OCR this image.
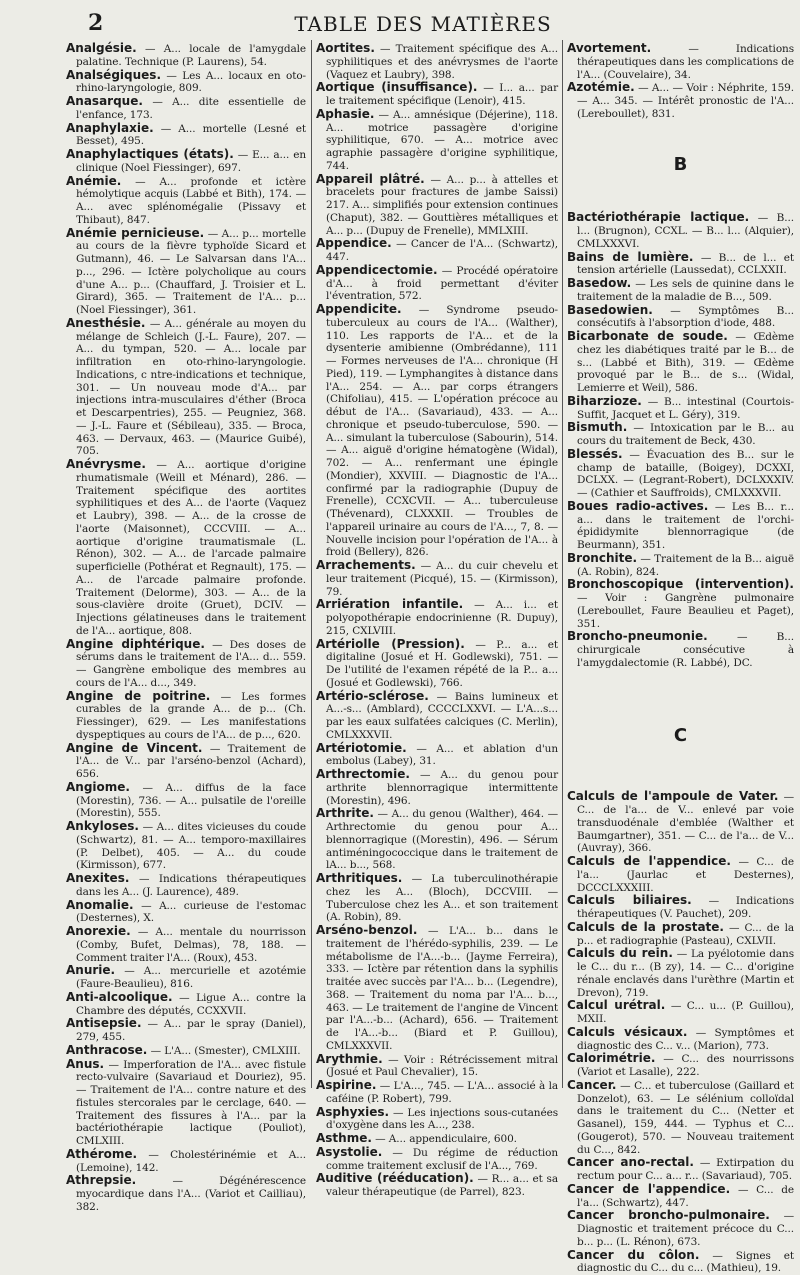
2	TABLE DES MATIÈRES

Analgésie. — A... locale de l'amygdale palatine. Technique (P. Laurens), 54.

Analségiques. — Les A... locaux en oto-rhino-laryngologie, 809.

Anasarque. — A... dite essentielle de l'enfance, 173.

Anaphylaxie. — A... mortelle (Lesné et Besset), 495.

Anaphylactiques (états). — E... a... en clinique (Noel Fiessinger), 697.

Anémie. — A... profonde et ictère hémolytique acquis (Labbé et Bith), 174. — A... avec splénomégalie (Pissavy et Thibaut), 847.

Anémie pernicieuse. — A... p... mortelle au cours de la fièvre typhoïde Sicard et Gutmann), 46. — Le Salvarsan dans l'A... p..., 296. — Ictère polycholique au cours d'une A... p... (Chauffard, J. Troisier et L. Girard), 365. — Traitement de l'A... p... (Noel Fiessinger), 361.

Anesthésie. — A... générale au moyen du mélange de Schleich (J.-L. Faure), 207. — A... du tympan, 520. — A... locale par infiltration en oto-rhino-laryngologie. Indications, c ntre-indications et technique, 301. — Un nouveau mode d'A... par injections intra-musculaires d'éther (Broca et Descarpentries), 255. — Peugniez, 368. — J.-L. Faure et (Sébileau), 335. — Broca, 463. — Dervaux, 463. — (Maurice Guibé), 705.

Anévrysme. — A... aortique d'origine rhumatismale (Weill et Ménard), 286. — Traitement spécifique des aortites syphilitiques et des A... de l'aorte (Vaquez et Laubry), 398. — A... de la crosse de l'aorte (Maisonnet), CCCVIII. — A... aortique d'origine traumatismale (L. Rénon), 302. — A... de l'arcade palmaire superficielle (Pothérat et Regnault), 175. — A... de l'arcade palmaire profonde. Traitement (Delorme), 303. — A... de la sous-clavière droite (Gruet), DCIV. — Injections gélatineuses dans le traitement de l'A... aortique, 808.

Angine diphtérique. — Des doses de sérums dans le traitement de l'A... d... 559. — Gangrène embolique des membres au cours de l'A... d..., 349.

Angine de poitrine. — Les formes curables de la grande A... de p... (Ch. Fiessinger), 629. — Les manifestations dyspeptiques au cours de l'A... de p..., 620.

Angine de Vincent. — Traitement de l'A... de V... par l'arséno-benzol (Achard), 656.

Angiome. — A... diffus de la face (Morestin), 736. — A... pulsatile de l'oreille (Morestin), 555.

Ankyloses. — A... dites vicieuses du coude (Schwartz), 81. — A... temporo-maxillaires (P. Delbet), 405. — A... du coude (Kirmisson), 677.

Anexites. — Indications thérapeutiques dans les A... (J. Laurence), 489.

Anomalie. — A... curieuse de l'estomac (Desternes), X.

Anorexie. — A... mentale du nourrisson (Comby, Bufet, Delmas), 78, 188. — Comment traiter l'A... (Roux), 453.

Anurie. — A... mercurielle et azotémie (Faure-Beaulieu), 816.

Anti-alcoolique. — Ligue A... contre la Chambre des députés, CCXXVII.

Antisepsie. — A... par le spray (Daniel), 279, 455.

Anthracose. — L'A... (Smester), CMLXIII.

Anus. — Imperforation de l'A... avec fistule recto-vulvaire (Savariaud et Douriez), 95. — Traitement de l'A... contre nature et des fistules stercorales par le cerclage, 640. — Traitement des fissures à l'A... par la bactériothérapie lactique (Pouliot), CMLXIII.

Athérome. — Cholestérinémie et A... (Lemoine), 142.

Athrepsie. — Dégénérescence myocardique dans l'A... (Variot et Cailliau), 382.

Aortites. — Traitement spécifique des A... syphilitiques et des anévrysmes de l'aorte (Vaquez et Laubry), 398.

Aortique (insuffisance). — I... a... par le traitement spécifique (Lenoir), 415.

Aphasie. — A... amnésique (Déjerine), 118. A... motrice passagère d'origine syphilitique, 670. — A... motrice avec agraphie passagère d'origine syphilitique, 744.

Appareil plâtré. — A... p... à attelles et bracelets pour fractures de jambe Saissi) 217. A... simplifiés pour extension continues (Chaput), 382. — Gouttières métalliques et A... p... (Dupuy de Frenelle), MMLXIII.

Appendice. — Cancer de l'A... (Schwartz), 447.

Appendicectomie. — Procédé opératoire d'A... à froid permettant d'éviter l'éventration, 572.

Appendicite. — Syndrome pseudo-tuberculeux au cours de l'A... (Walther), 110. Les rapports de l'A... et de la dysenterie amibienne (Ombrédanne), 111 — Formes nerveuses de l'A... chronique (H Pied), 119. — Lymphangites à distance dans l'A... 254. — A... par corps étrangers (Chifoliau), 415. — L'opération précoce au début de l'A... (Savariaud), 433. — A... chronique et pseudo-tuberculose, 590. — A... simulant la tuberculose (Sabourin), 514. — A... aiguë d'origine hématogène (Widal), 702. — A... renfermant une épingle (Mondier), XXVIII. — Diagnostic de l'A... confirmé par la radiographie (Dupuy de Frenelle), CCXCVII. — A... tuberculeuse (Thévenard), CLXXXII. — Troubles de l'appareil urinaire au cours de l'A..., 7, 8. — Nouvelle incision pour l'opération de l'A... à froid (Bellery), 826.

Arrachements. — A... du cuir chevelu et leur traitement (Picqué), 15. — (Kirmisson), 79.

Arriération infantile. — A... i... et polyopothérapie endocrinienne (R. Dupuy), 215, CXLVIII.

Artériolle (Pression). — P... a... et digitaline (Josué et H. Godlewski), 751. — De l'utilité de l'examen répété de la P... a... (Josué et Godlewski), 766.

Artério-sclérose. — Bains lumineux et A...-s... (Amblard), CCCCLXXVI. — L'A...s... par les eaux sulfatées calciques (C. Merlin), CMLXXXVII.

Artériotomie. — A... et ablation d'un embolus (Labey), 31.

Arthrectomie. — A... du genou pour arthrite blennorragique intermittente (Morestin), 496.

Arthrite. — A... du genou (Walther), 464. — Arthrectomie du genou pour A... blennorragique ((Morestin), 496. — Sérum antiméningococcique dans le traitement de lA... b..., 568.

Arthritiques. — La tuberculinothérapie chez les A... (Bloch), DCCVIII. — Tuberculose chez les A... et son traitement (A. Robin), 89.

Arséno-benzol. — L'A... b... dans le traitement de l'hérédo-syphilis, 239. — Le métabolisme de l'A...-b... (Jayme Ferreira), 333. — Ictère par rétention dans la syphilis traitée avec succès par l'A... b... (Legendre), 368. — Traitement du noma par l'A... b..., 463. — Le traitement de l'angine de Vincent par l'A...-b... (Achard), 656. — Traitement de l'A...-b... (Biard et P. Guillou), CMLXXXVII.

Arythmie. — Voir : Rétrécissement mitral (Josué et Paul Chevalier), 15.

Aspirine. — L'A..., 745. — L'A... associé à la caféine (P. Robert), 799.

Asphyxies. — Les injections sous-cutanées d'oxygène dans les A..., 238.

Asthme. — A... appendiculaire, 600.

Asystolie. — Du régime de réduction comme traitement exclusif de l'A..., 769.

Auditive (rééducation). — R... a... et sa valeur thérapeutique (de Parrel), 823.

Avortement. — Indications thérapeutiques dans les complications de l'A... (Couvelaire), 34.

Azotémie. — A... — Voir : Néphrite, 159. — A... 345. — Intérêt pronostic de l'A... (Lereboullet), 831.

B

Bactériothérapie lactique. — B... l... (Brugnon), CCXL. — B... l... (Alquier), CMLXXXVI.

Bains de lumière. — B... de l... et tension artérielle (Laussedat), CCLXXII.

Basedow. — Les sels de quinine dans le traitement de la maladie de B..., 509.

Basedowien. — Symptômes B... consécutifs à l'absorption d'iode, 488.

Bicarbonate de soude. — Œdème chez les diabétiques traité par le B... de s... (Labbé et Bith), 319. — Œdème provoqué par le B... de s... (Widal, Lemierre et Weil), 586.

Biharzioze. — B... intestinal (Courtois-Suffit, Jacquet et L. Géry), 319.

Bismuth. — Intoxication par le B... au cours du traitement de Beck, 430.

Blessés. — Évacuation des B... sur le champ de bataille, (Boigey), DCXXI, DCLXX. — (Legrant-Robert), DCLXXXIV. — (Cathier et Sauffroids), CMLXXXVII.

Boues radio-actives. — Les B... r... a... dans le traitement de l'orchi-épididymite blennorragique (de Beurmann), 351.

Bronchite. — Traitement de la B... aiguë (A. Robin), 824.

Bronchoscopique (intervention). — Voir : Gangrène pulmonaire (Lereboullet, Faure Beaulieu et Paget), 351.

Broncho-pneumonie. — B... chirurgicale consécutive à l'amygdalectomie (R. Labbé), DC.

C

Calculs de l'ampoule de Vater. — C... de l'a... de V... enlevé par voie transduodénale d'emblée (Walther et Baumgartner), 351. — C... de l'a... de V... (Auvray), 366.

Calculs de l'appendice. — C... de l'a... (Jaurlac et Desternes), DCCCLXXXIII.

Calculs biliaires. — Indications thérapeutiques (V. Pauchet), 209.

Calculs de la prostate. — C... de la p... et radiographie (Pasteau), CXLVII.

Calculs du rein. — La pyélotomie dans le C... du r... (B zy), 14. — C... d'origine rénale enclavés dans l'urèthre (Martin et Drevon), 719.

Calcul urétral. — C... u... (P. Guillou), MXII.

Calculs vésicaux. — Symptômes et diagnostic des C... v... (Marion), 773.

Calorimétrie. — C... des nourrissons (Variot et Lasalle), 222.

Cancer. — C... et tuberculose (Gaillard et Donzelot), 63. — Le sélénium colloïdal dans le traitement du C... (Netter et Gasanel), 159, 444. — Typhus et C... (Gougerot), 570. — Nouveau traitement du C..., 842.

Cancer ano-rectal. — Extirpation du rectum pour C... a... r... (Savariaud), 705.

Cancer de l'appendice. — C... de l'a... (Schwartz), 447.

Cancer broncho-pulmonaire. — Diagnostic et traitement précoce du C... b... p... (L. Rénon), 673.

Cancer du côlon. — Signes et diagnostic du C... du c... (Mathieu), 19.
